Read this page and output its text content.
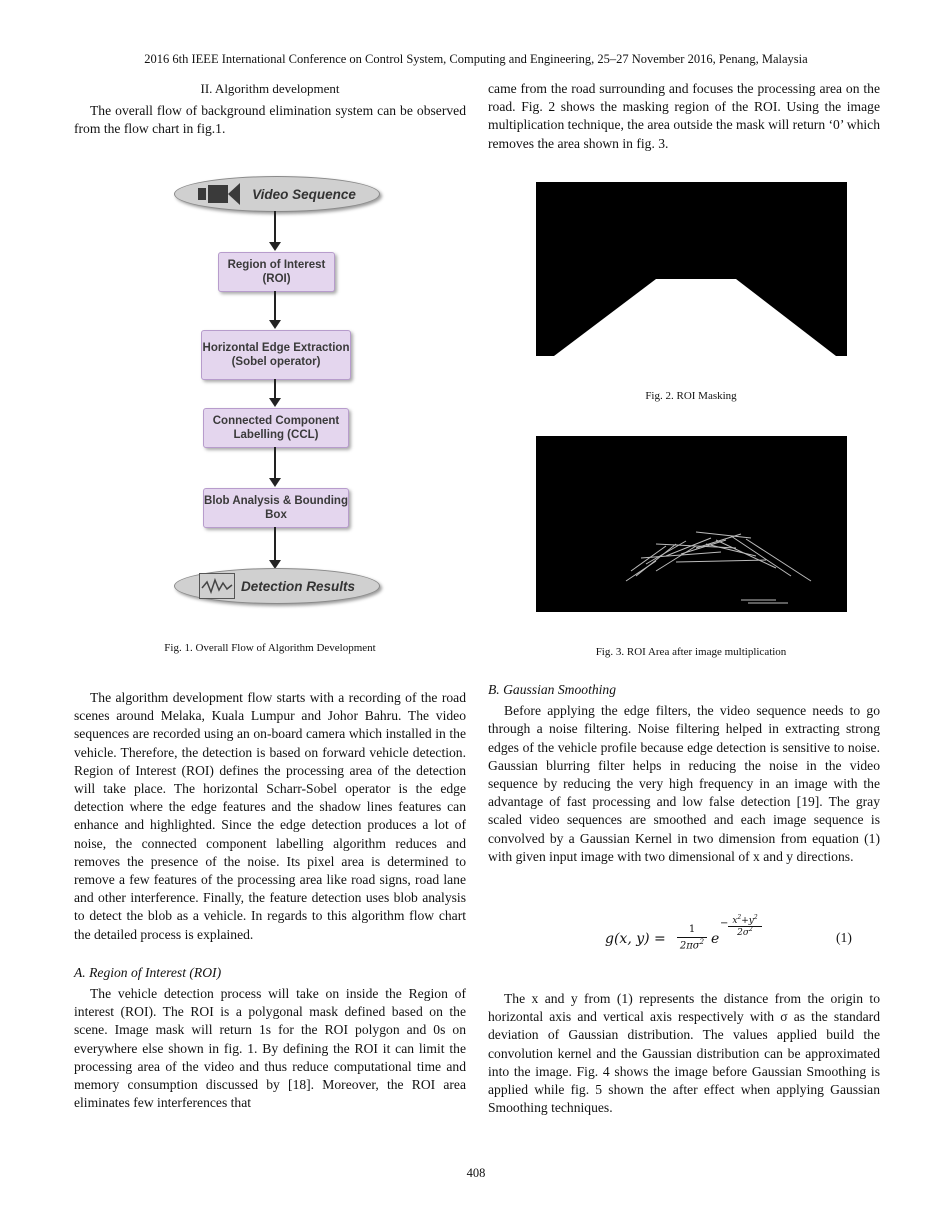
2016 6th IEEE International Conference on Control System, Computing and Engineering, 25–27 November 2016, Penang, Malaysia

II. Algorithm development

The overall flow of background elimination system can be observed from the flow chart in fig.1.

Video Sequence
Region of Interest (ROI)
Horizontal Edge Extraction (Sobel operator)
Connected Component Labelling (CCL)
Blob Analysis & Bounding Box
Detection Results
Fig. 1. Overall Flow of Algorithm Development

The algorithm development flow starts with a recording of the road scenes around Melaka, Kuala Lumpur and Johor Bahru. The video sequences are recorded using an on-board camera which installed in the vehicle. Therefore, the detection is based on forward vehicle detection. Region of Interest (ROI) defines the processing area of the detection will take place. The horizontal Scharr-Sobel operator is the edge detection where the edge features and the shadow lines features can enhance and highlighted. Since the edge detection produces a lot of noise, the connected component labelling algorithm reduces and removes the presence of the noise. Its pixel area is determined to remove a few features of the processing area like road signs, road lane and other interference. Finally, the feature detection uses blob analysis to detect the blob as a vehicle. In regards to this algorithm flow chart the detailed process is explained.

A. Region of Interest (ROI)

The vehicle detection process will take on inside the Region of interest (ROI). The ROI is a polygonal mask defined based on the scene. Image mask will return 1s for the ROI polygon and 0s on everywhere else shown in fig. 1. By defining the ROI it can limit the processing area of the video and thus reduce computational time and memory consumption discussed by [18]. Moreover, the ROI area eliminates few interferences that

came from the road surrounding and focuses the processing area on the road. Fig. 2 shows the masking region of the ROI. Using the image multiplication technique, the area outside the mask will return ‘0’ which removes the area shown in fig. 3.

Fig. 2. ROI Masking
Fig. 3. ROI Area after image multiplication

B. Gaussian Smoothing

Before applying the edge filters, the video sequence needs to go through a noise filtering. Noise filtering helped in extracting strong edges of the vehicle profile because edge detection is sensitive to noise. Gaussian blurring filter helps in reducing the noise in the video sequence by reducing the very high frequency in an image with the advantage of fast processing and low false detection [19]. The gray scaled video sequences are smoothed and each image sequence is convolved by a Gaussian Kernel in two dimension from equation (1) with given input image with two dimensional of x and y directions.

g(x, y) =
1
$2\pi\sigma^2$ e
− $x^2+y^2$
$2\sigma^2$
(1)

The x and y from (1) represents the distance from the origin to horizontal axis and vertical axis respectively with σ as the standard deviation of Gaussian distribution. The values applied build the convolution kernel and the Gaussian distribution can be approximated into the image. Fig. 4 shows the image before Gaussian Smoothing is applied while fig. 5 shown the after effect when applying Gaussian Smoothing techniques.

408
